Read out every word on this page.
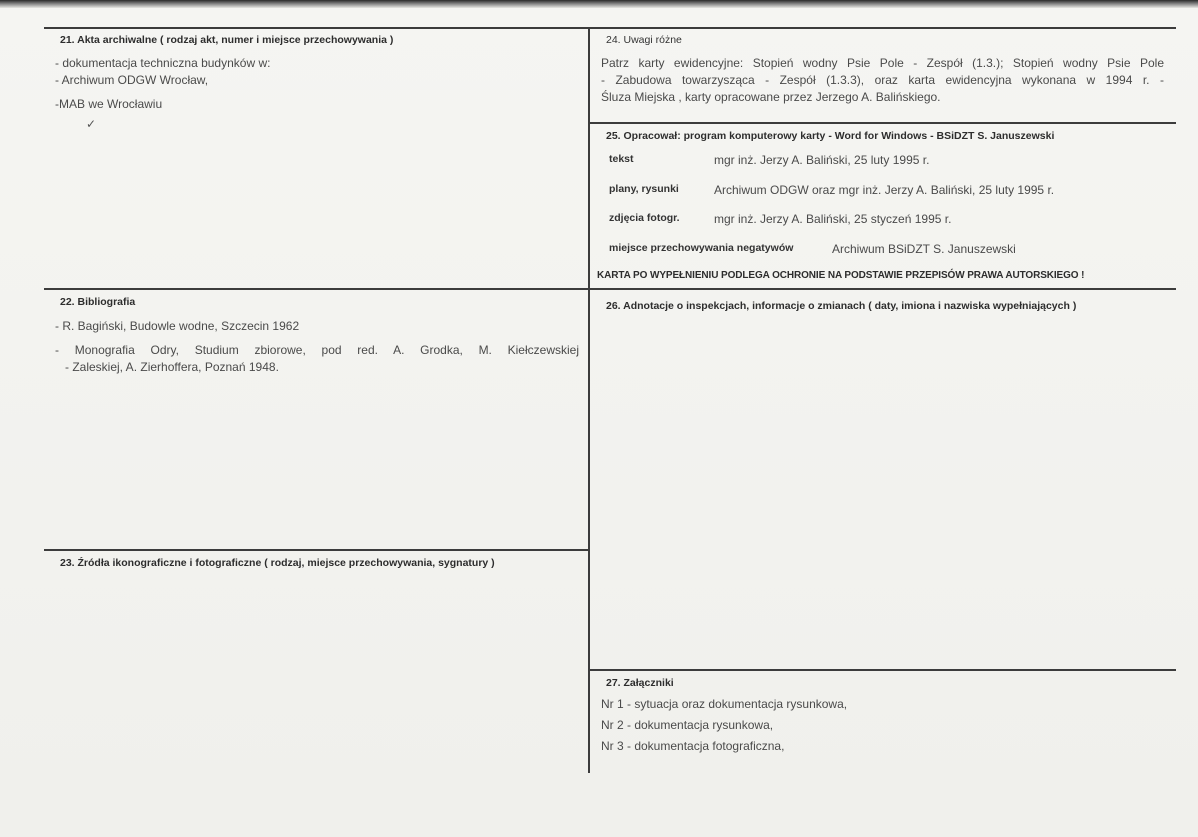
21. Akta archiwalne ( rodzaj akt, numer i miejsce przechowywania )
- dokumentacja techniczna budynków w:
- Archiwum ODGW Wrocław,
-MAB we Wrocławiu
✓
22. Bibliografia
- R. Bagiński, Budowle wodne, Szczecin 1962
- Monografia Odry, Studium zbiorowe, pod red. A. Grodka, M. Kiełczewskiej
- Zaleskiej, A. Zierhoffera, Poznań 1948.
23. Źródła ikonograficzne i fotograficzne ( rodzaj, miejsce przechowywania, sygnatury )
24. Uwagi różne
Patrz karty ewidencyjne: Stopień wodny Psie Pole - Zespół (1.3.); Stopień wodny Psie Pole
- Zabudowa towarzysząca - Zespół (1.3.3), oraz karta ewidencyjna wykonana w 1994 r. -
Śluza Miejska , karty opracowane przez Jerzego A. Balińskiego.
25. Opracował: program komputerowy karty - Word for Windows - BSiDZT S. Januszewski
tekst	mgr inż. Jerzy A. Baliński, 25 luty 1995 r.
plany, rysunki	Archiwum ODGW oraz mgr inż. Jerzy A. Baliński, 25 luty 1995 r.
zdjęcia fotogr.	mgr inż. Jerzy A. Baliński, 25 styczeń 1995 r.
miejsce przechowywania negatywów	Archiwum BSiDZT S. Januszewski
KARTA PO WYPEŁNIENIU PODLEGA OCHRONIE NA PODSTAWIE PRZEPISÓW PRAWA AUTORSKIEGO !
26. Adnotacje o inspekcjach, informacje o zmianach ( daty, imiona i nazwiska wypełniających )
27. Załączniki
Nr 1 - sytuacja oraz dokumentacja rysunkowa,
Nr 2 - dokumentacja rysunkowa,
Nr 3 - dokumentacja fotograficzna,
